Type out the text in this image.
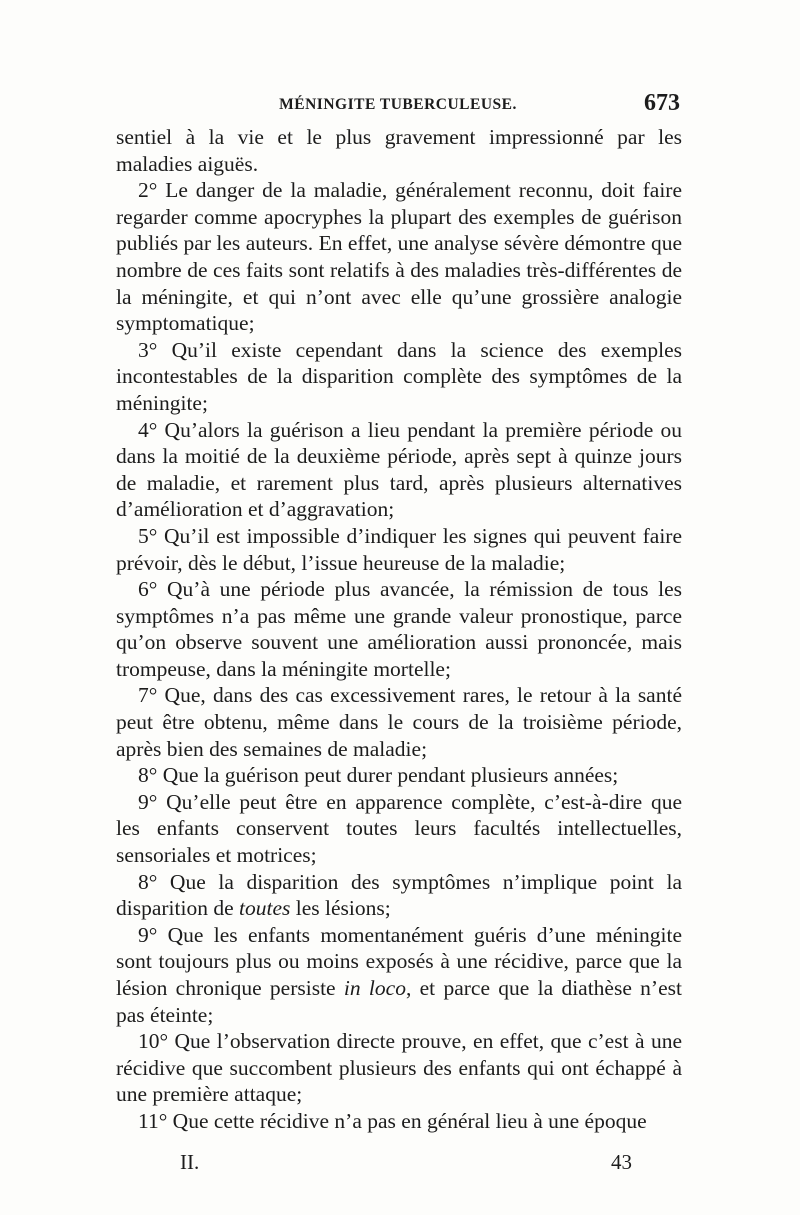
MÉNINGITE TUBERCULEUSE.	673

sentiel à la vie et le plus gravement impressionné par les maladies aiguës.

2° Le danger de la maladie, généralement reconnu, doit faire regarder comme apocryphes la plupart des exemples de guérison publiés par les auteurs. En effet, une analyse sévère démontre que nombre de ces faits sont relatifs à des maladies très-différentes de la méningite, et qui n’ont avec elle qu’une grossière analogie symptomatique;

3° Qu’il existe cependant dans la science des exemples incontestables de la disparition complète des symptômes de la méningite;

4° Qu’alors la guérison a lieu pendant la première période ou dans la moitié de la deuxième période, après sept à quinze jours de maladie, et rarement plus tard, après plusieurs alternatives d’amélioration et d’aggravation;

5° Qu’il est impossible d’indiquer les signes qui peuvent faire prévoir, dès le début, l’issue heureuse de la maladie;

6° Qu’à une période plus avancée, la rémission de tous les symptômes n’a pas même une grande valeur pronostique, parce qu’on observe souvent une amélioration aussi prononcée, mais trompeuse, dans la méningite mortelle;

7° Que, dans des cas excessivement rares, le retour à la santé peut être obtenu, même dans le cours de la troisième période, après bien des semaines de maladie;

8° Que la guérison peut durer pendant plusieurs années;

9° Qu’elle peut être en apparence complète, c’est-à-dire que les enfants conservent toutes leurs facultés intellectuelles, sensoriales et motrices;

8° Que la disparition des symptômes n’implique point la disparition de toutes les lésions;

9° Que les enfants momentanément guéris d’une méningite sont toujours plus ou moins exposés à une récidive, parce que la lésion chronique persiste in loco, et parce que la diathèse n’est pas éteinte;

10° Que l’observation directe prouve, en effet, que c’est à une récidive que succombent plusieurs des enfants qui ont échappé à une première attaque;

11° Que cette récidive n’a pas en général lieu à une époque

II.	43
